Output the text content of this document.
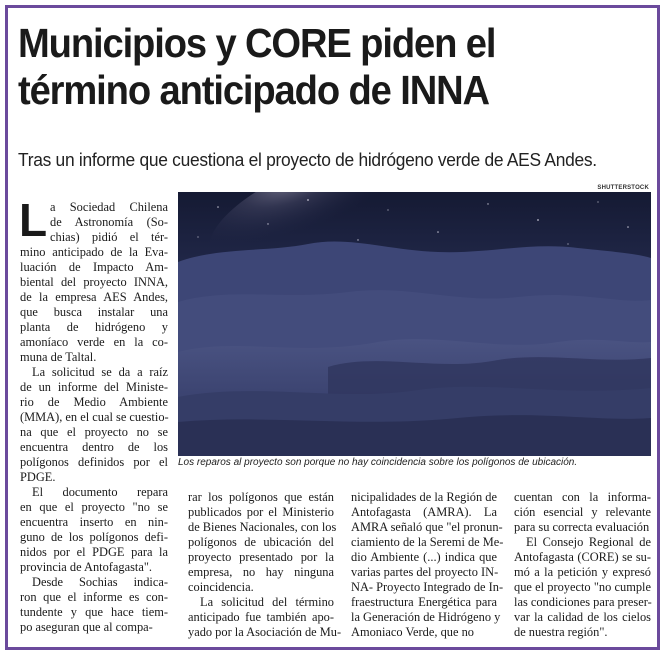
Municipios y CORE piden el
término anticipado de INNA
Tras un informe que cuestiona el proyecto de hidrógeno verde de AES Andes.
SHUTTERSTOCK
Los reparos al proyecto son porque no hay coincidencia sobre los polígonos de ubicación.
L a Sociedad Chilena
de Astronomía (So-
chias) pidió el tér-
mino anticipado de la Eva-
luación de Impacto Am-
biental del proyecto INNA,
de la empresa AES Andes,
que busca instalar una
planta de hidrógeno y
amoníaco verde en la co-
muna de Taltal.
La solicitud se da a raíz
de un informe del Ministe-
rio de Medio Ambiente
(MMA), en el cual se cuestio-
na que el proyecto no se
encuentra dentro de los
polígonos definidos por el
PDGE.
El documento repara
en que el proyecto "no se
encuentra inserto en nin-
guno de los polígonos defi-
nidos por el PDGE para la
provincia de Antofagasta".
Desde Sochias indica-
ron que el informe es con-
tundente y que hace tiem-
po aseguran que al compa-
rar los polígonos que están
publicados por el Ministerio
de Bienes Nacionales, con los
polígonos de ubicación del
proyecto presentado por la
empresa, no hay ninguna
coincidencia.
La solicitud del término
anticipado fue también apo-
yado por la Asociación de Mu-
nicipalidades de la Región de
Antofagasta (AMRA). La
AMRA señaló que "el pronun-
ciamiento de la Seremi de Me-
dio Ambiente (...) indica que
varias partes del proyecto IN-
NA- Proyecto Integrado de In-
fraestructura Energética para
la Generación de Hidrógeno y
Amoniaco Verde, que no
cuentan con la informa-
ción esencial y relevante
para su correcta evaluación
El Consejo Regional de
Antofagasta (CORE) se su-
mó a la petición y expresó
que el proyecto "no cumple
las condiciones para preser-
var la calidad de los cielos
de nuestra región".
